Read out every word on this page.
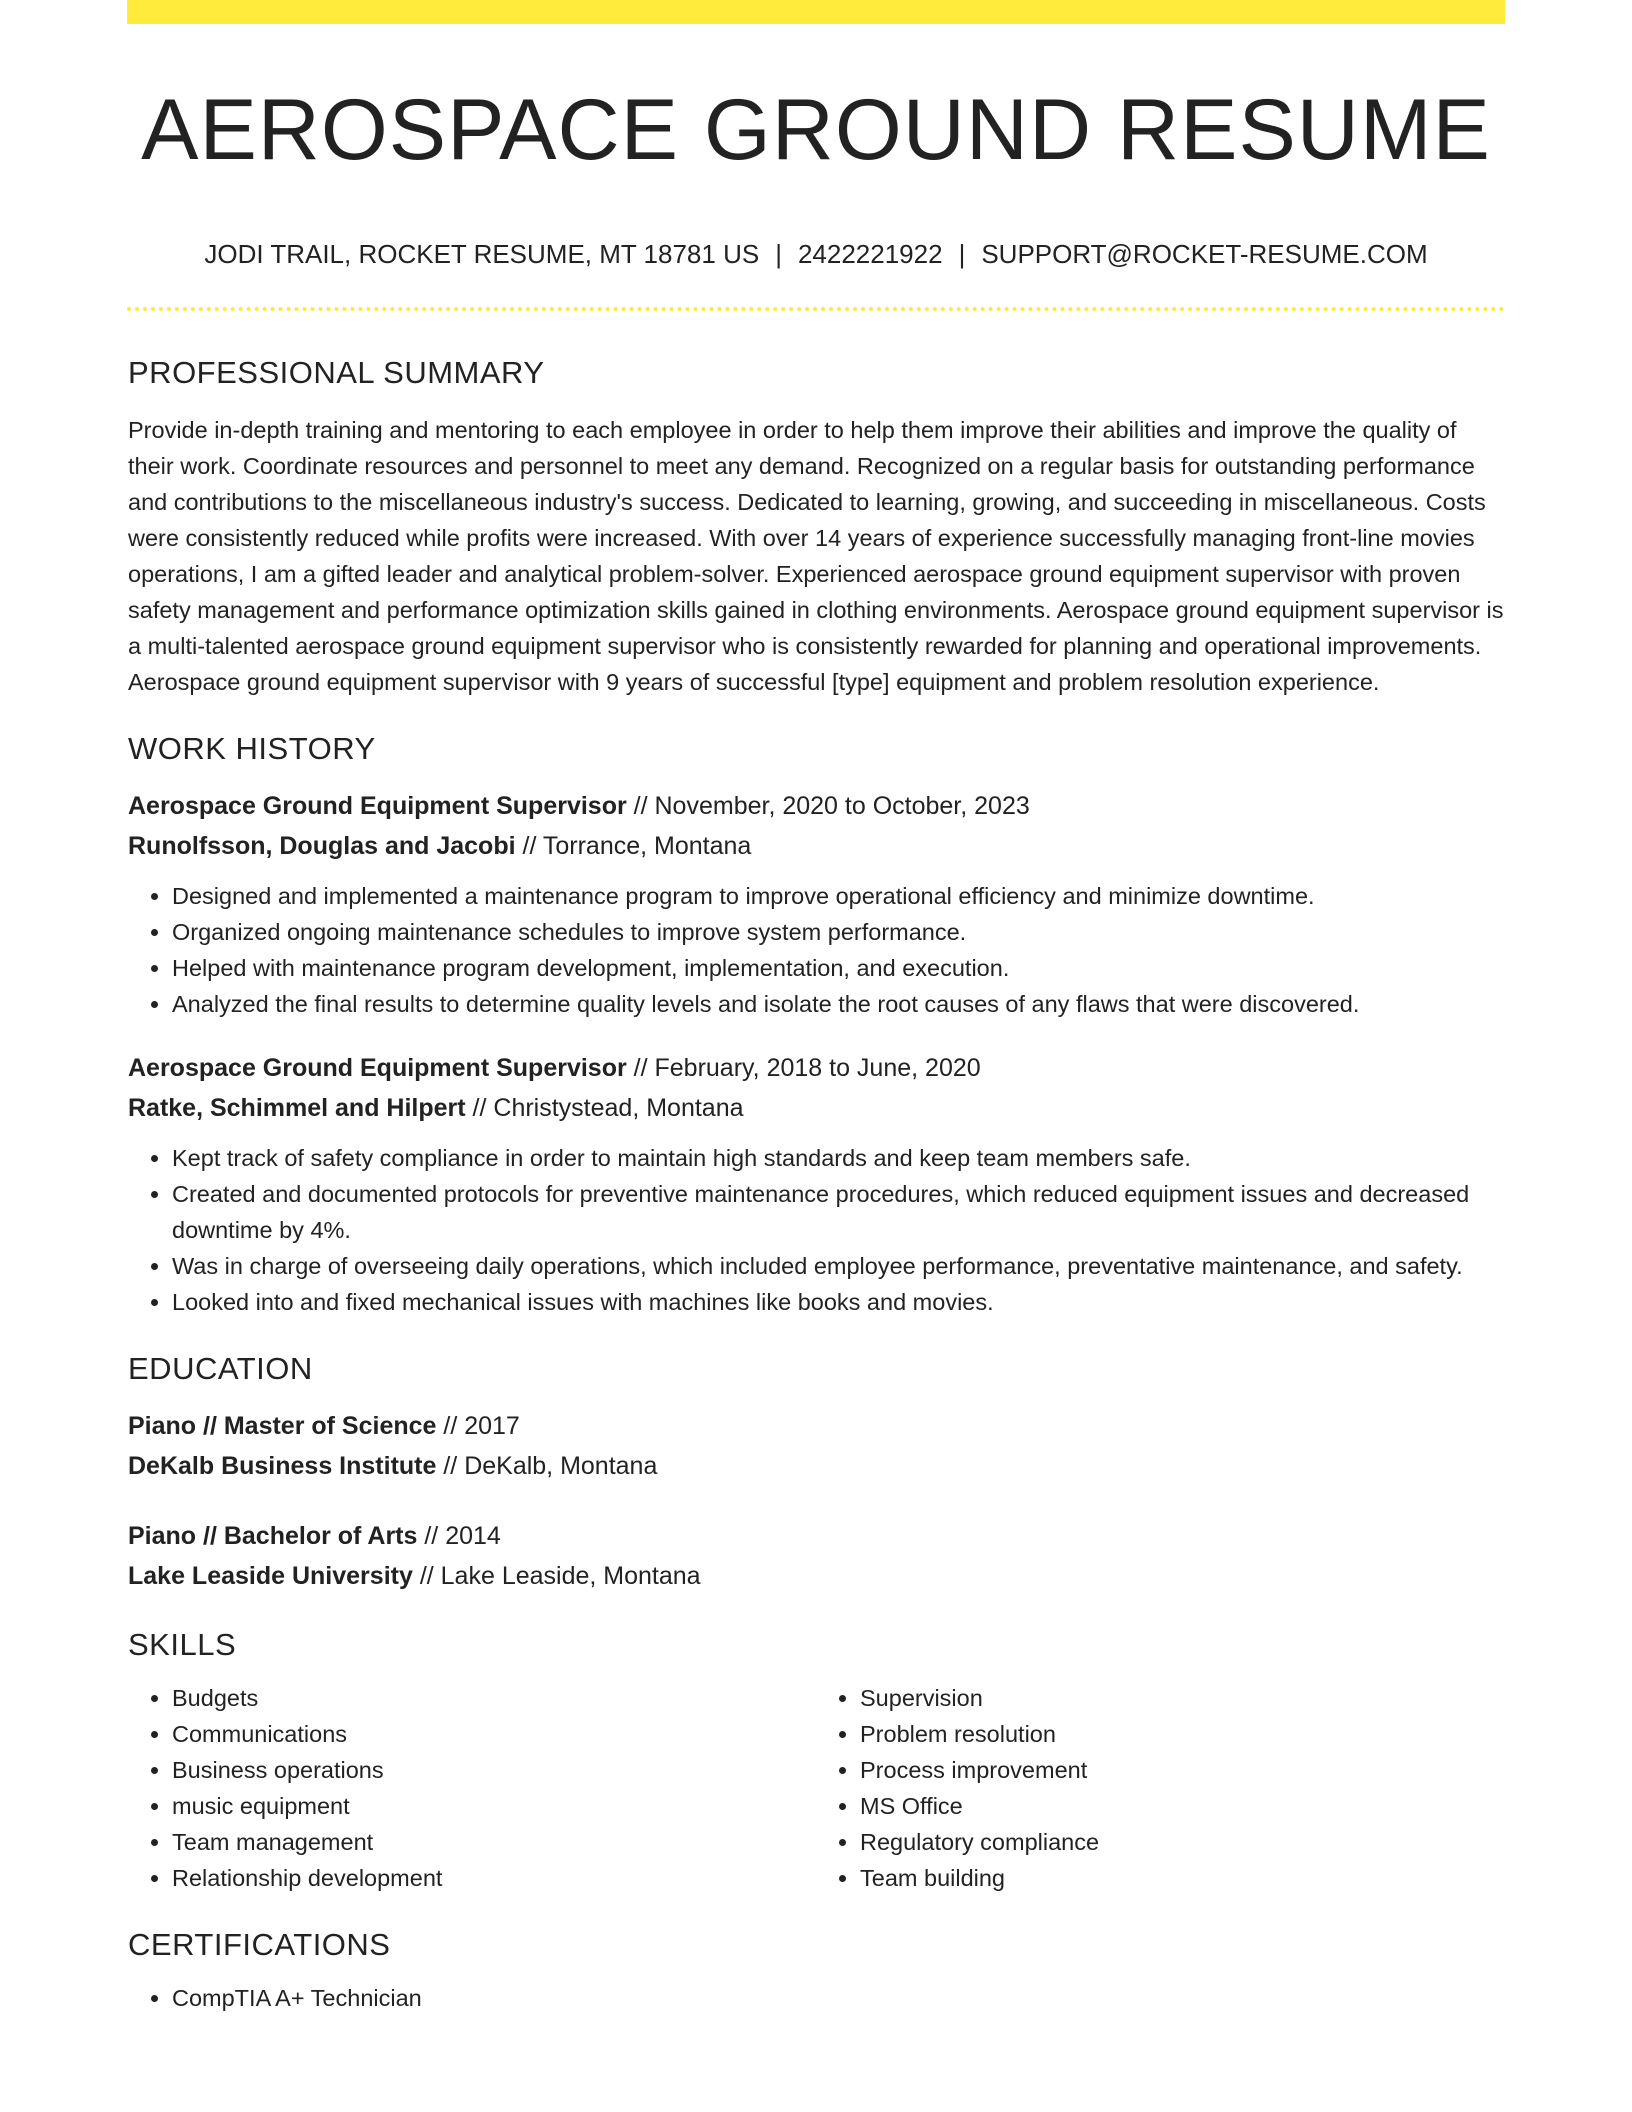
AEROSPACE GROUND RESUME
JODI TRAIL, ROCKET RESUME, MT 18781 US | 2422221922 | SUPPORT@ROCKET-RESUME.COM
PROFESSIONAL SUMMARY

Provide in-depth training and mentoring to each employee in order to help them improve their abilities and improve the quality of their work. Coordinate resources and personnel to meet any demand. Recognized on a regular basis for outstanding performance and contributions to the miscellaneous industry's success. Dedicated to learning, growing, and succeeding in miscellaneous. Costs were consistently reduced while profits were increased. With over 14 years of experience successfully managing front-line movies operations, I am a gifted leader and analytical problem-solver. Experienced aerospace ground equipment supervisor with proven safety management and performance optimization skills gained in clothing environments. Aerospace ground equipment supervisor is a multi-talented aerospace ground equipment supervisor who is consistently rewarded for planning and operational improvements. Aerospace ground equipment supervisor with 9 years of successful [type] equipment and problem resolution experience.

WORK HISTORY
Aerospace Ground Equipment Supervisor // November, 2020 to October, 2023
Runolfsson, Douglas and Jacobi // Torrance, Montana
• Designed and implemented a maintenance program to improve operational efficiency and minimize downtime.
• Organized ongoing maintenance schedules to improve system performance.
• Helped with maintenance program development, implementation, and execution.
• Analyzed the final results to determine quality levels and isolate the root causes of any flaws that were discovered.
Aerospace Ground Equipment Supervisor // February, 2018 to June, 2020
Ratke, Schimmel and Hilpert // Christystead, Montana
• Kept track of safety compliance in order to maintain high standards and keep team members safe.
• Created and documented protocols for preventive maintenance procedures, which reduced equipment issues and decreased downtime by 4%.
• Was in charge of overseeing daily operations, which included employee performance, preventative maintenance, and safety.
• Looked into and fixed mechanical issues with machines like books and movies.
EDUCATION
Piano // Master of Science // 2017
DeKalb Business Institute // DeKalb, Montana
Piano // Bachelor of Arts // 2014
Lake Leaside University // Lake Leaside, Montana
SKILLS
• Budgets
• Communications
• Business operations
• music equipment
• Team management
• Relationship development
• Supervision
• Problem resolution
• Process improvement
• MS Office
• Regulatory compliance
• Team building
CERTIFICATIONS
• CompTIA A+ Technician
